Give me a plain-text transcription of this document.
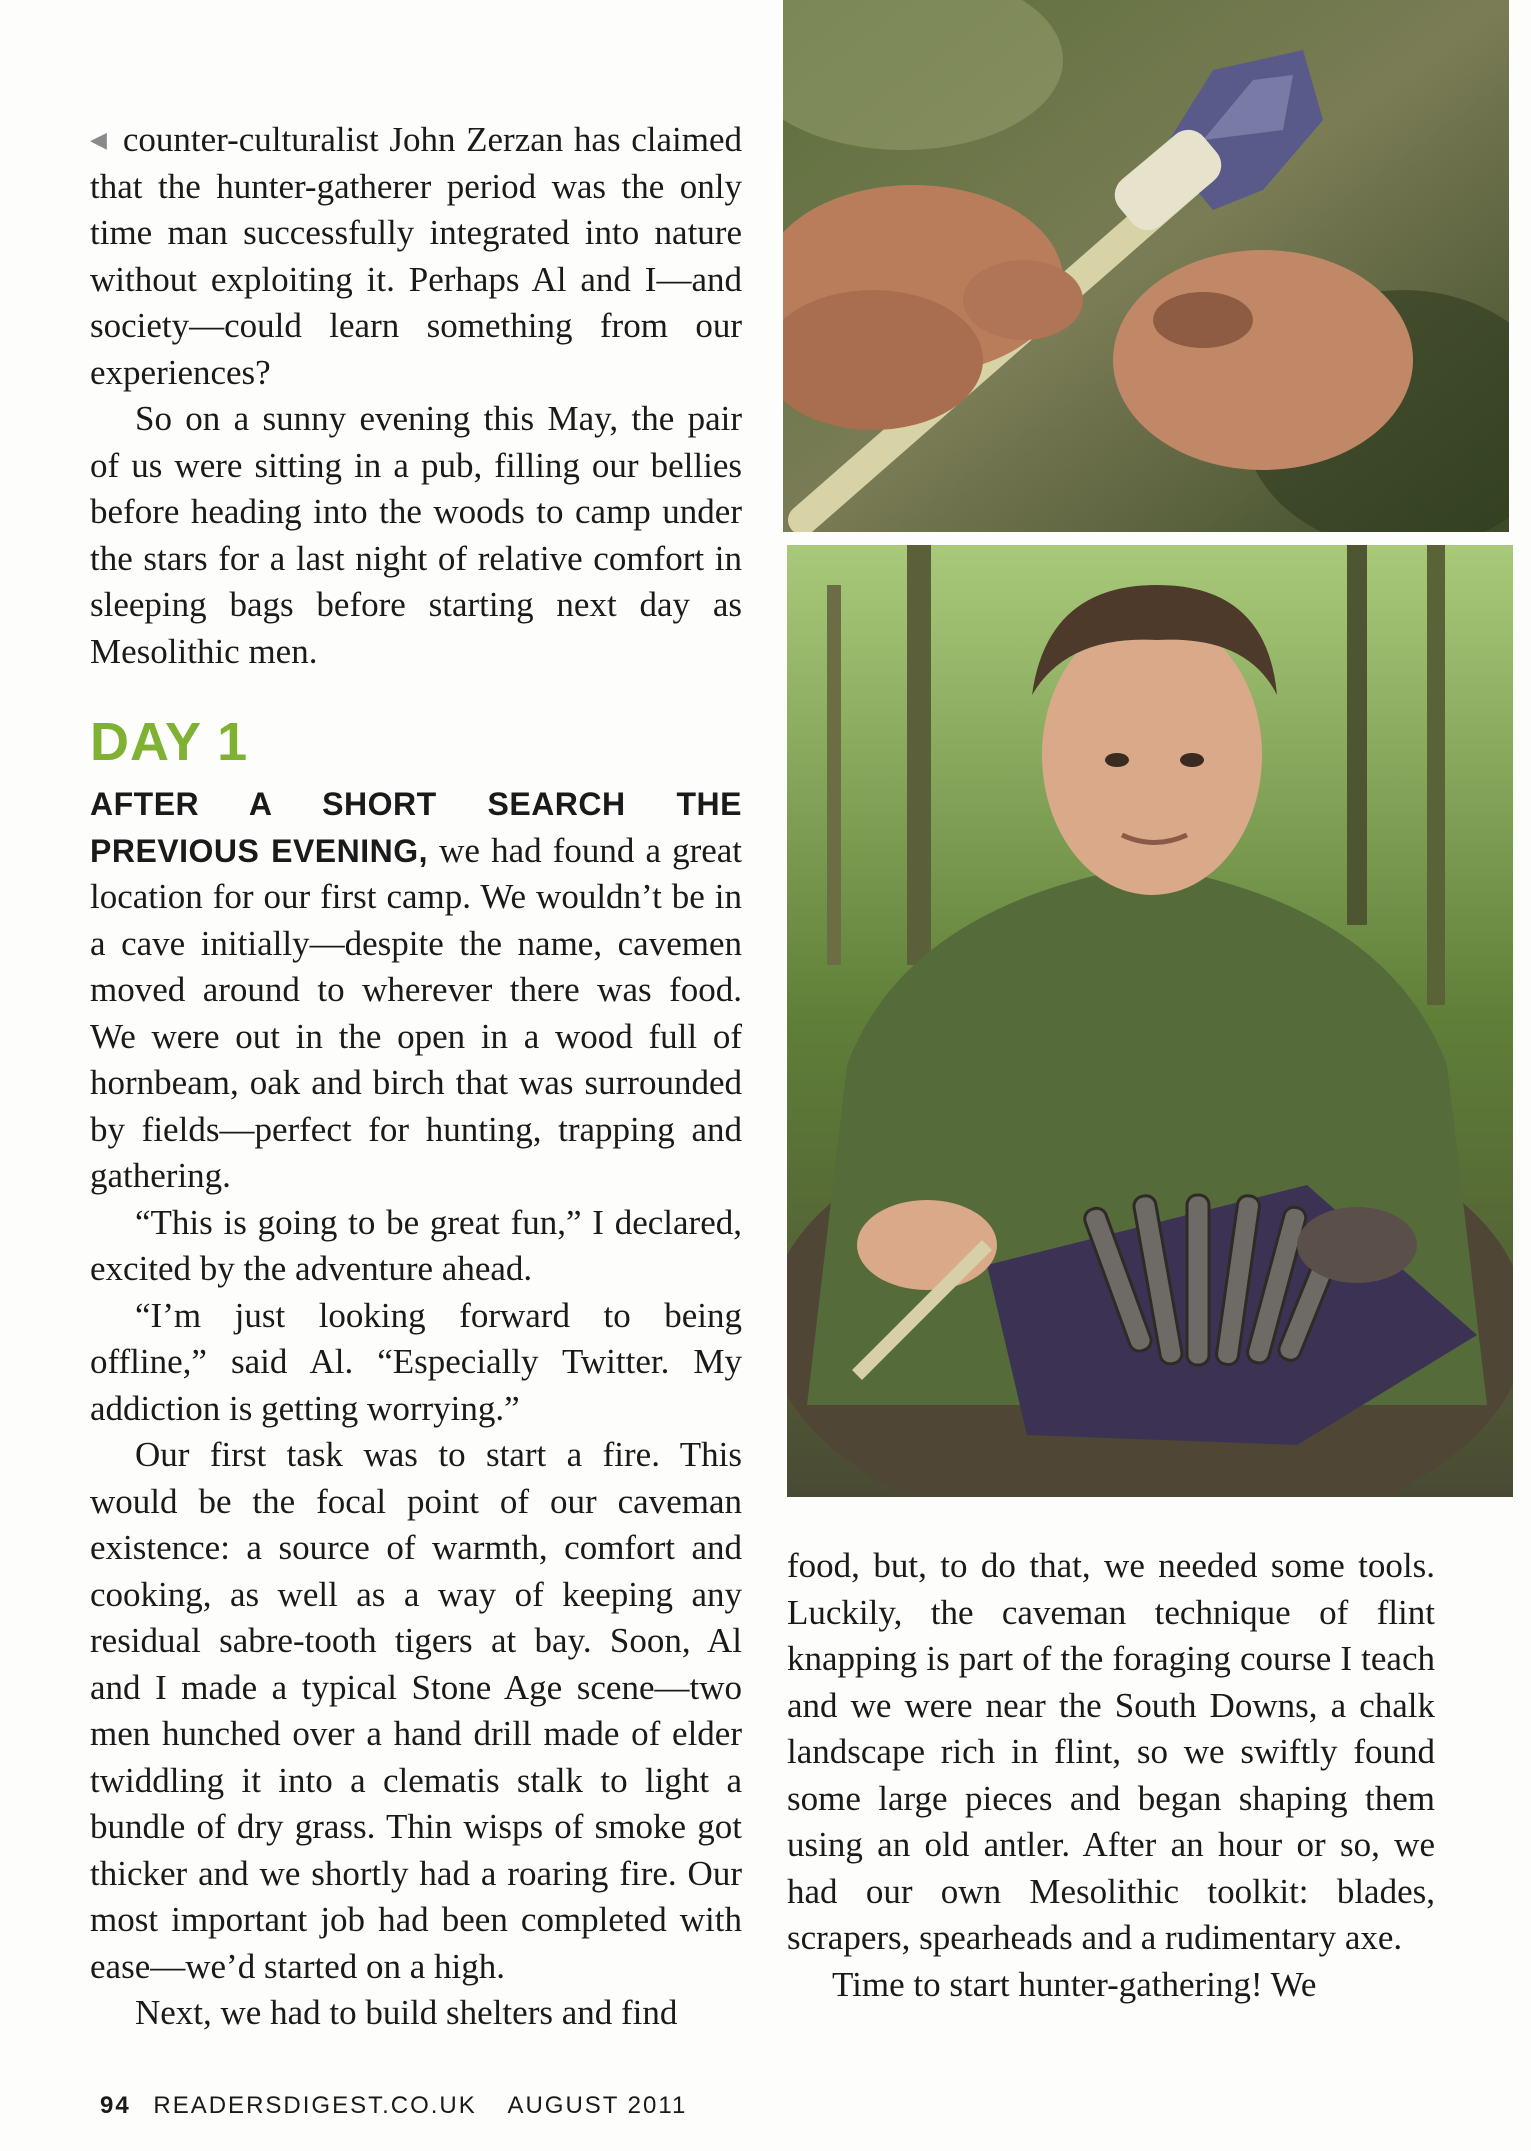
◀ counter-culturalist John Zerzan has claimed that the hunter-gatherer period was the only time man successfully integrated into nature without exploiting it. Perhaps Al and I—and society—could learn something from our experiences?

So on a sunny evening this May, the pair of us were sitting in a pub, filling our bellies before heading into the woods to camp under the stars for a last night of relative comfort in sleeping bags before starting next day as Mesolithic men.

DAY 1

AFTER A SHORT SEARCH THE PREVIOUS EVENING, we had found a great location for our first camp. We wouldn’t be in a cave initially—despite the name, cavemen moved around to wherever there was food. We were out in the open in a wood full of hornbeam, oak and birch that was surrounded by fields—perfect for hunting, trapping and gathering.

“This is going to be great fun,” I declared, excited by the adventure ahead.

“I’m just looking forward to being offline,” said Al. “Especially Twitter. My addiction is getting worrying.”

Our first task was to start a fire. This would be the focal point of our caveman existence: a source of warmth, comfort and cooking, as well as a way of keeping any residual sabre-tooth tigers at bay. Soon, Al and I made a typical Stone Age scene—two men hunched over a hand drill made of elder twiddling it into a clematis stalk to light a bundle of dry grass. Thin wisps of smoke got thicker and we shortly had a roaring fire. Our most important job had been completed with ease—we’d started on a high.

Next, we had to build shelters and find

food, but, to do that, we needed some tools. Luckily, the caveman technique of flint knapping is part of the foraging course I teach and we were near the South Downs, a chalk landscape rich in flint, so we swiftly found some large pieces and began shaping them using an old antler. After an hour or so, we had our own Mesolithic toolkit: blades, scrapers, spearheads and a rudimentary axe.

Time to start hunter-gathering! We

94 READERSDIGEST.CO.UK AUGUST 2011
